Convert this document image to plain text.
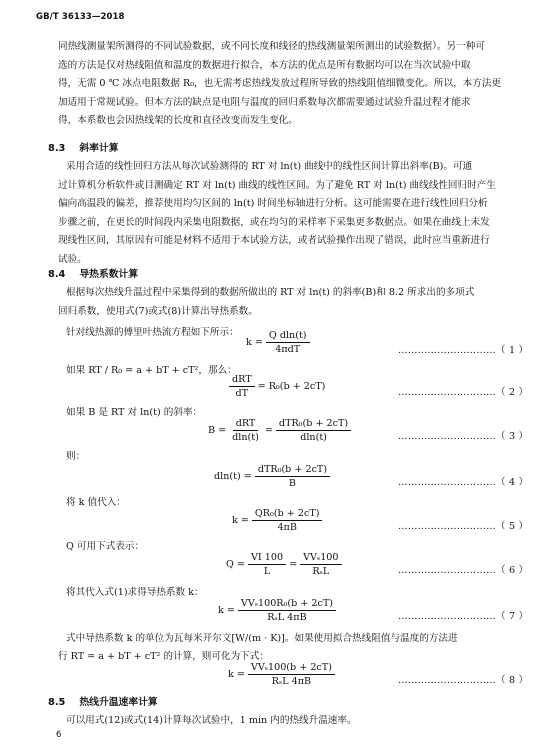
GB/T 36133—2018
同热线测量架所测得的不同试验数据，或不同长度和线径的热线测量架所测出的试验数据）。另一种可
选的方法是仅对热线阻值和温度的数据进行拟合，本方法的优点是所有数据均可以在当次试验中取
得，无需 0 ℃ 冰点电阻数据 R₀，也无需考虑热线发放过程所导致的热线阻值细微变化。所以，本方法更
加适用于常规试验。但本方法的缺点是电阻与温度的回归系数每次都需要通过试验升温过程才能求
得，本系数也会因热线架的长度和直径改变而发生变化。
8.3 斜率计算
采用合适的线性回归方法从每次试验测得的 RT 对 ln(t) 曲线中的线性区间计算出斜率(B)。可通
过计算机分析软件或目测确定 RT 对 ln(t) 曲线的线性区间。为了避免 RT 对 ln(t) 曲线线性回归时产生
偏向高温段的偏差，推荐使用均匀区间的 ln(t) 时间坐标轴进行分析。这可能需要在进行线性回归分析
步骤之前，在更长的时间段内采集电阻数据，或在均匀的采样率下采集更多数据点。如果在曲线上未发
现线性区间，其原因有可能是材料不适用于本试验方法，或者试验操作出现了错误，此时应当重新进行
试验。
8.4 导热系数计算
根据每次热线升温过程中采集得到的数据所做出的 RT 对 ln(t) 的斜率(B)和 8.2 所求出的多项式
回归系数，使用式(7)或式(8)计算出导热系数。
针对线热源的傅里叶热流方程如下所示：
$k = \frac{\text{Q dln(t)}}{\text{4πdT}}$	…………………………（ 1 ）
如果 RT / R₀ = a + bT + cT²，那么：
$\frac{\text{dRT}}{dT} = R_0(b + 2cT)$
…………………………（ 2 ）
如果 B 是 RT 对 ln(t) 的斜率：
$B = \frac{\text{dRT}}{dln(t)} = \frac{\text{dTR₀(b + 2cT)}}{dln(t)}$	…………………………（ 3 ）
则：
$dln(t) = \frac{\text{dTR₀(b + 2cT)}}{B}$	…………………………（ 4 ）
将 k 值代入：
$k = \frac{\text{QR₀(b + 2cT)}}{4\pi B}$	…………………………（ 5 ）
Q 可用下式表示：
$Q = \frac{VI 100}{L} = \frac{\text{VVₛ100}}{\text{RₛL}}$	…………………………（ 6 ）
将其代入式(1)求得导热系数 k：
$k = \frac{\text{VVₛ100R₀(b + 2cT)}}{\text{RₛL 4πB}}$	…………………………（ 7 ）
式中导热系数 k 的单位为瓦每米开尔文[W/(m · K)]。如果使用拟合热线阻值与温度的方法进
行 RT = a + bT + cT² 的计算，则可化为下式：
$k = \frac{\text{VVₛ100(b + 2cT)}}{\text{RₛL 4πB}}$	…………………………（ 8 ）
8.5 热线升温速率计算
可以用式(12)或式(14)计算每次试验中，1 min 内的热线升温速率。
6
